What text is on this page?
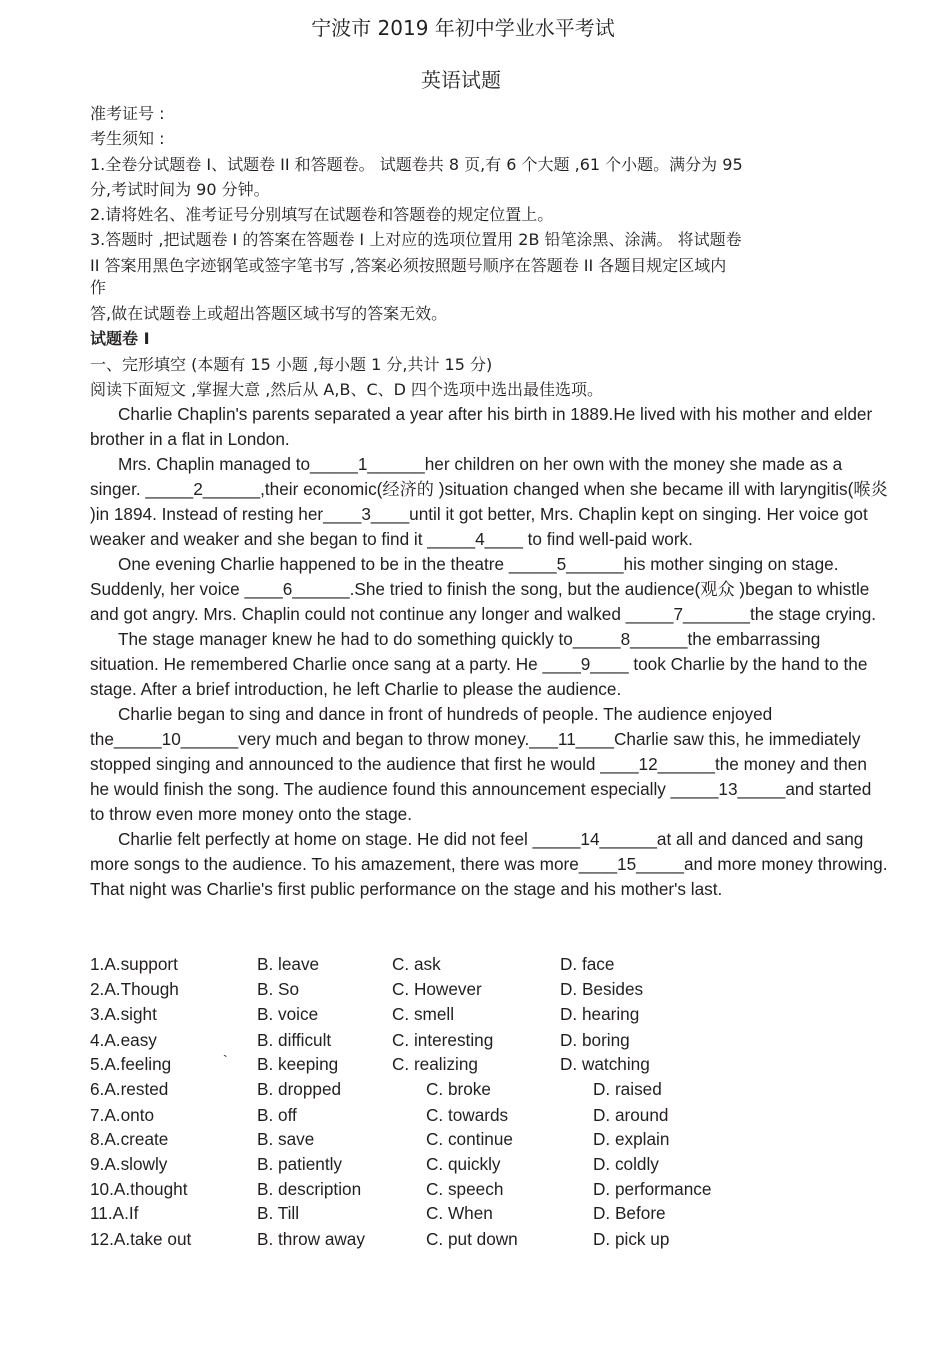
宁波市 2019 年初中学业水平考试
英语试题
准考证号 :
考生须知 :
1.全卷分试题卷 I、试题卷 II 和答题卷。 试题卷共 8 页,有 6 个大题 ,61 个小题。满分为 95
分,考试时间为 90 分钟。
2.请将姓名、准考证号分别填写在试题卷和答题卷的规定位置上。
3.答题时 ,把试题卷 I 的答案在答题卷 I 上对应的选项位置用 2B 铅笔涂黑、涂满。 将试题卷
II 答案用黑色字迹钢笔或签字笔书写 ,答案必须按照题号顺序在答题卷 II 各题目规定区域内
作
答,做在试题卷上或超出答题区域书写的答案无效。
试题卷 I
一、完形填空 (本题有 15 小题 ,每小题 1 分,共计 15 分)
阅读下面短文 ,掌握大意 ,然后从 A,B、C、D 四个选项中选出最佳选项。

Charlie Chaplin's parents separated a year after his birth in 1889.He lived with his mother and elder brother in a flat in London.

Mrs. Chaplin managed to_____1______her children on her own with the money she made as a singer. _____2______,their economic(经济的 )situation changed when she became ill with laryngitis(喉炎 )in 1894. Instead of resting her____3____until it got better, Mrs. Chaplin kept on singing. Her voice got weaker and weaker and she began to find it _____4____ to find well-paid work.

One evening Charlie happened to be in the theatre _____5______his mother singing on stage. Suddenly, her voice ____6______.She tried to finish the song, but the audience(观众 )began to whistle and got angry. Mrs. Chaplin could not continue any longer and walked _____7_______the stage crying.

The stage manager knew he had to do something quickly to_____8______the embarrassing situation. He remembered Charlie once sang at a party. He ____9____ took Charlie by the hand to the stage. After a brief introduction, he left Charlie to please the audience.

Charlie began to sing and dance in front of hundreds of people. The audience enjoyed the_____10______very much and began to throw money.___11____Charlie saw this, he immediately stopped singing and announced to the audience that first he would ____12______the money and then he would finish the song. The audience found this announcement especially _____13_____and started to throw even more money onto the stage.

Charlie felt perfectly at home on stage. He did not feel _____14______at all and danced and sang more songs to the audience. To his amazement, there was more____15_____and more money throwing. That night was Charlie's first public performance on the stage and his mother's last.

1.A.support	B. leave	C. ask	D. face
2.A.Though	B. So	C. However	D. Besides
3.A.sight	B. voice	C. smell	D. hearing
4.A.easy	B. difficult	C. interesting	D. boring
5.A.feeling	` B. keeping	C. realizing	D. watching
6.A.rested	B. dropped	C. broke	D. raised
7.A.onto	B. off	C. towards	D. around
8.A.create	B. save	C. continue	D. explain
9.A.slowly	B. patiently	C. quickly	D. coldly
10.A.thought	B. description	C. speech	D. performance
11.A.If	B. Till	C. When	D. Before
12.A.take out	B. throw away	C. put down	D. pick up
